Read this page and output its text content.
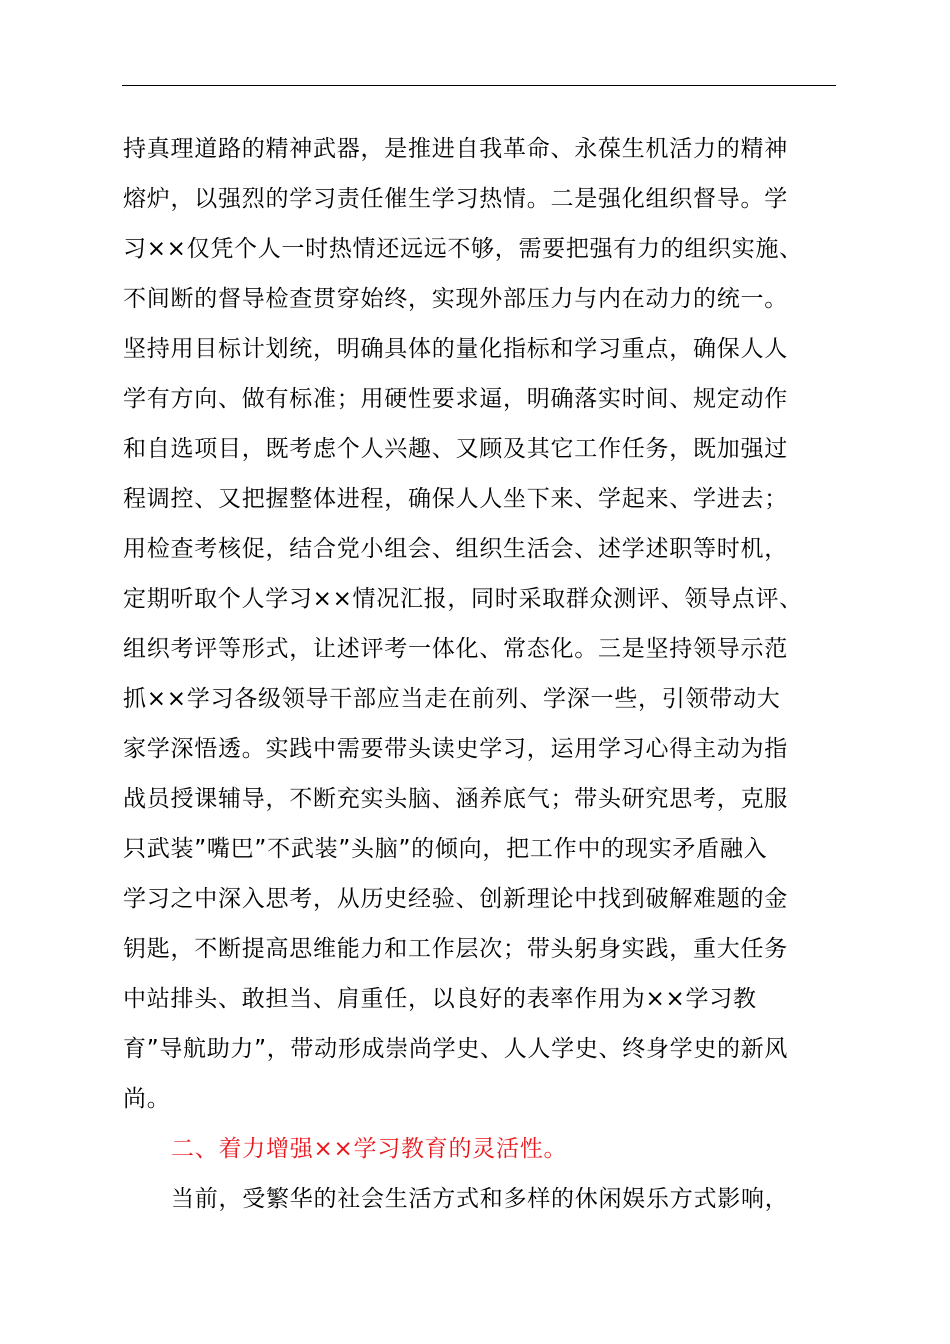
持真理道路的精神武器，是推进自我革命、永葆生机活力的精神
熔炉，以强烈的学习责任催生学习热情。二是强化组织督导。学
习××仅凭个人一时热情还远远不够，需要把强有力的组织实施、
不间断的督导检查贯穿始终，实现外部压力与内在动力的统一。
坚持用目标计划统，明确具体的量化指标和学习重点，确保人人
学有方向、做有标准；用硬性要求逼，明确落实时间、规定动作
和自选项目，既考虑个人兴趣、又顾及其它工作任务，既加强过
程调控、又把握整体进程，确保人人坐下来、学起来、学进去；
用检查考核促，结合党小组会、组织生活会、述学述职等时机，
定期听取个人学习××情况汇报，同时采取群众测评、领导点评、
组织考评等形式，让述评考一体化、常态化。三是坚持领导示范
抓××学习各级领导干部应当走在前列、学深一些，引领带动大
家学深悟透。实践中需要带头读史学习，运用学习心得主动为指
战员授课辅导，不断充实头脑、涵养底气；带头研究思考，克服
只武装”嘴巴”不武装”头脑”的倾向，把工作中的现实矛盾融入
学习之中深入思考，从历史经验、创新理论中找到破解难题的金
钥匙，不断提高思维能力和工作层次；带头躬身实践，重大任务
中站排头、敢担当、肩重任，以良好的表率作用为××学习教
育”导航助力”，带动形成崇尚学史、人人学史、终身学史的新风
尚。
二、着力增强××学习教育的灵活性。
当前，受繁华的社会生活方式和多样的休闲娱乐方式影响，
